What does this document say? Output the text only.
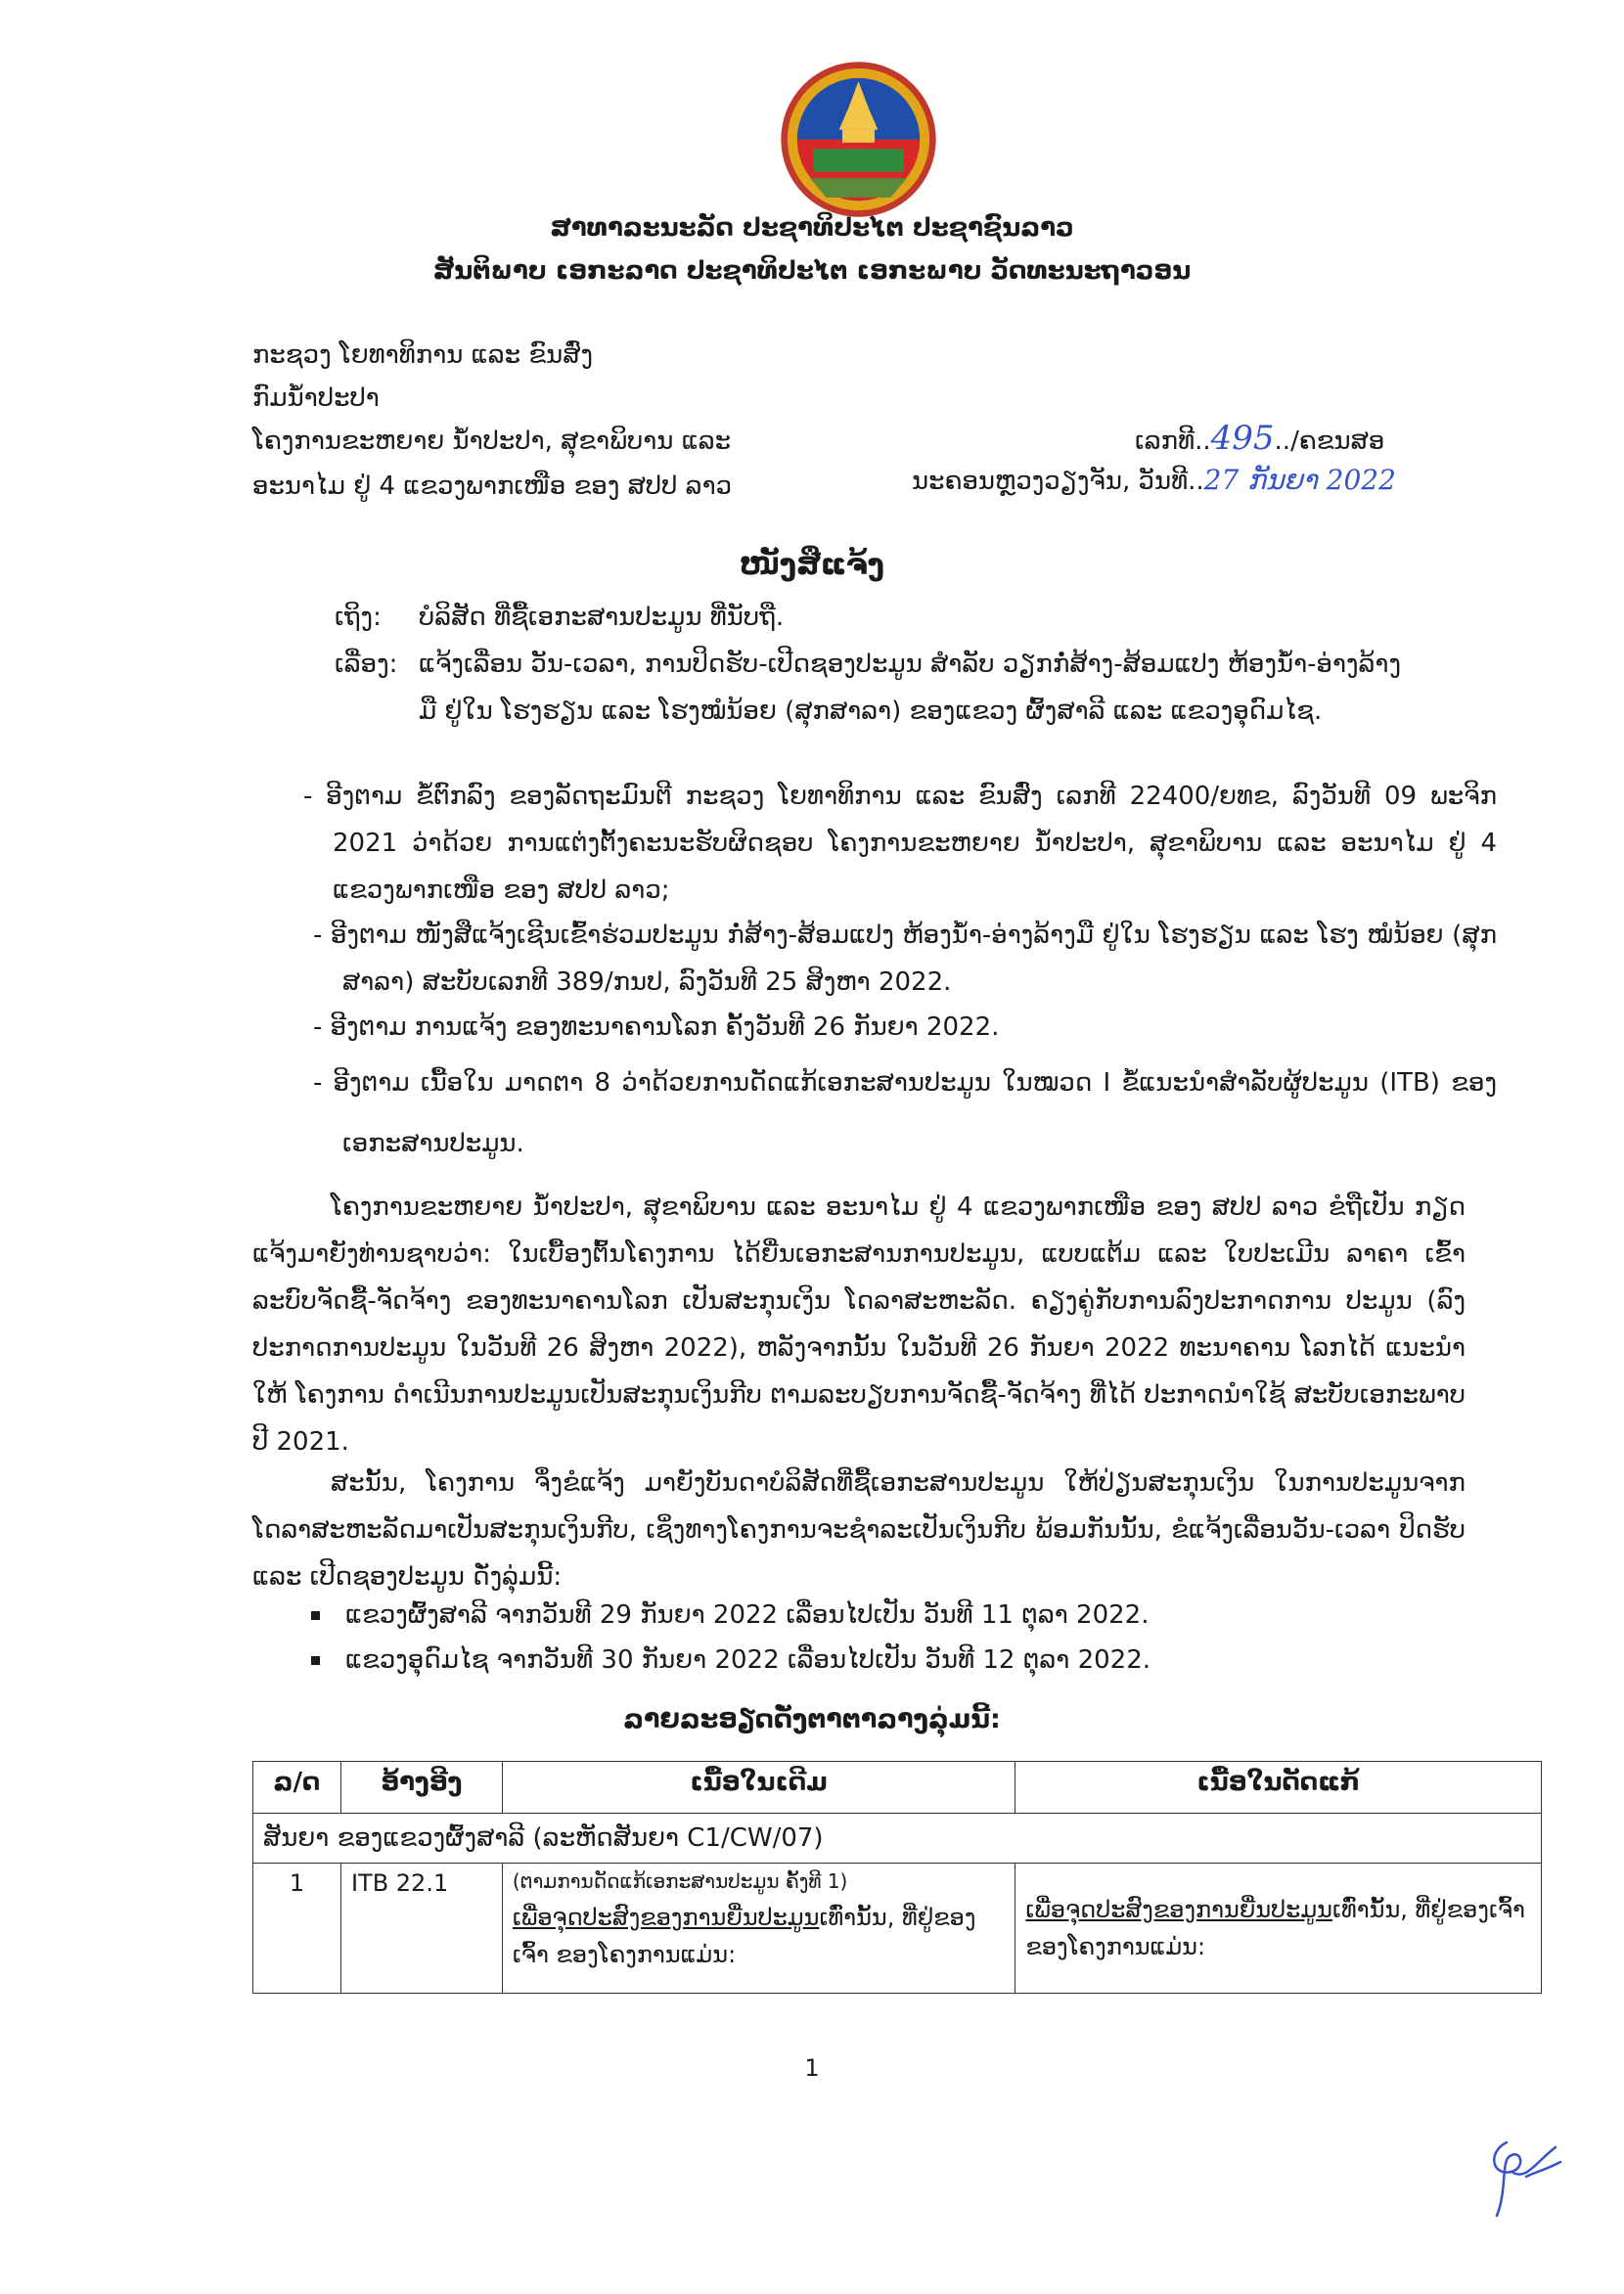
ສາທາລະນະລັດ ປະຊາທິປະໄຕ ປະຊາຊົນລາວ
ສັນຕິພາບ ເອກະລາດ ປະຊາທິປະໄຕ ເອກະພາບ ວັດທະນະຖາວອນ
ກະຊວງ ໂຍທາທິການ ແລະ ຂົນສົ່ງ
ກົມນ້ຳປະປາ
ໂຄງການຂະຫຍາຍ ນ້ຳປະປາ, ສຸຂາພິບານ ແລະ
ອະນາໄມ ຢູ່ 4 ແຂວງພາກເໜືອ ຂອງ ສປປ ລາວ
ເລກທີ..495../ຄຂນສອ
ນະຄອນຫຼວງວຽງຈັນ, ວັນທີ..27 ກັນຍາ 2022
ໜັງສືແຈ້ງ
ເຖິງ: ບໍລິສັດ ທີ່ຊື້ເອກະສານປະມູນ ທີ່ນັບຖື.
ເລື່ອງ: ແຈ້ງເລື່ອນ ວັນ-ເວລາ, ການປິດຮັບ-ເປີດຊອງປະມູນ ສຳລັບ ວຽກກໍ່ສ້າງ-ສ້ອມແປງ ຫ້ອງນ້ຳ-ອ່າງລ້າງ
ມື ຢູ່ໃນ ໂຮງຮຽນ ແລະ ໂຮງໝໍນ້ອຍ (ສຸກສາລາ) ຂອງແຂວງ ຜົ້ງສາລີ ແລະ ແຂວງອຸດົມໄຊ.
- ອີງຕາມ ຂໍ້ຕົກລົງ ຂອງລັດຖະມົນຕີ ກະຊວງ ໂຍທາທິການ ແລະ ຂົນສົ່ງ ເລກທີ 22400/ຍທຂ, ລົງວັນທີ 09 ພະຈິກ 2021 ວ່າດ້ວຍ ການແຕ່ງຕັ້ງຄະນະຮັບຜິດຊອບ ໂຄງການຂະຫຍາຍ ນ້ຳປະປາ, ສຸຂາພິບານ ແລະ ອະນາໄມ ຢູ່ 4 ແຂວງພາກເໜືອ ຂອງ ສປປ ລາວ;
- ອີງຕາມ ໜັງສືແຈ້ງເຊີນເຂົ້າຮ່ວມປະມູນ ກໍ່ສ້າງ-ສ້ອມແປງ ຫ້ອງນ້ຳ-ອ່າງລ້າງມື ຢູ່ໃນ ໂຮງຮຽນ ແລະ ໂຮງ ໝໍນ້ອຍ (ສຸກສາລາ) ສະບັບເລກທີ 389/ກນປ, ລົງວັນທີ 25 ສິງຫາ 2022.
- ອີງຕາມ ການແຈ້ງ ຂອງທະນາຄານໂລກ ຄັ້ງວັນທີ 26 ກັນຍາ 2022.
- ອີງຕາມ ເນື້ອໃນ ມາດຕາ 8 ວ່າດ້ວຍການດັດແກ້ເອກະສານປະມູນ ໃນໝວດ I ຂໍ້ແນະນຳສຳລັບຜູ້ປະມູນ (ITB) ຂອງເອກະສານປະມູນ.
ໂຄງການຂະຫຍາຍ ນ້ຳປະປາ, ສຸຂາພິບານ ແລະ ອະນາໄມ ຢູ່ 4 ແຂວງພາກເໜືອ ຂອງ ສປປ ລາວ ຂໍຖືເປັນ ກຽດ ແຈ້ງມາຍັງທ່ານຊາບວ່າ: ໃນເບື້ອງຕົ້ນໂຄງການ ໄດ້ຍື່ນເອກະສານການປະມູນ, ແບບແຕ້ມ ແລະ ໃບປະເມີນ ລາຄາ ເຂົ້າລະບົບຈັດຊື້-ຈັດຈ້າງ ຂອງທະນາຄານໂລກ ເປັນສະກຸນເງິນ ໂດລາສະຫະລັດ. ຄຽງຄູ່ກັບການລົງປະກາດການ ປະມູນ (ລົງປະກາດການປະມູນ ໃນວັນທີ 26 ສິງຫາ 2022), ຫລັງຈາກນັ້ນ ໃນວັນທີ 26 ກັນຍາ 2022 ທະນາຄານ ໂລກໄດ້ ແນະນຳໃຫ້ ໂຄງການ ດຳເນີນການປະມູນເປັນສະກຸນເງິນກີບ ຕາມລະບຽບການຈັດຊື້-ຈັດຈ້າງ ທີ່ໄດ້ ປະກາດນຳໃຊ້ ສະບັບເອກະພາບ ປີ 2021.
ສະນັ້ນ, ໂຄງການ ຈຶ່ງຂໍແຈ້ງ ມາຍັງບັນດາບໍລິສັດທີ່ຊື້ເອກະສານປະມູນ ໃຫ້ປ່ຽນສະກຸນເງິນ ໃນການປະມູນຈາກ ໂດລາສະຫະລັດມາເປັນສະກຸນເງິນກີບ, ເຊິ່ງທາງໂຄງການຈະຊຳລະເປັນເງິນກີບ ພ້ອມກັນນັ້ນ, ຂໍແຈ້ງເລື່ອນວັນ-ເວລາ ປິດຮັບ ແລະ ເປີດຊອງປະມູນ ດັ່ງລຸ່ມນີ້:
ແຂວງຜົ້ງສາລີ ຈາກວັນທີ 29 ກັນຍາ 2022 ເລື່ອນໄປເປັນ ວັນທີ 11 ຕຸລາ 2022.
ແຂວງອຸດົມໄຊ ຈາກວັນທີ 30 ກັນຍາ 2022 ເລື່ອນໄປເປັນ ວັນທີ 12 ຕຸລາ 2022.
ລາຍລະອຽດດັ່ງຕາຕາລາງລຸ່ມນີ້:
ລ/ດ	ອ້າງອີງ	ເນື້ອໃນເດີມ	ເນື້ອໃນດັດແກ້
ສັນຍາ ຂອງແຂວງຜົ້ງສາລີ (ລະຫັດສັນຍາ C1/CW/07)			
1	ITB 22.1	(ຕາມການດັດແກ້ເອກະສານປະມູນ ຄັ້ງທີ 1)
ເພື່ອຈຸດປະສົງຂອງການຍື່ນປະມູນເທົ່ານັ້ນ, ທີ່ຢູ່ຂອງເຈົ້າ ຂອງໂຄງການແມ່ນ:	ເພື່ອຈຸດປະສົງຂອງການຍື່ນປະມູນເທົ່ານັ້ນ, ທີ່ຢູ່ຂອງເຈົ້າ ຂອງໂຄງການແມ່ນ:
1
